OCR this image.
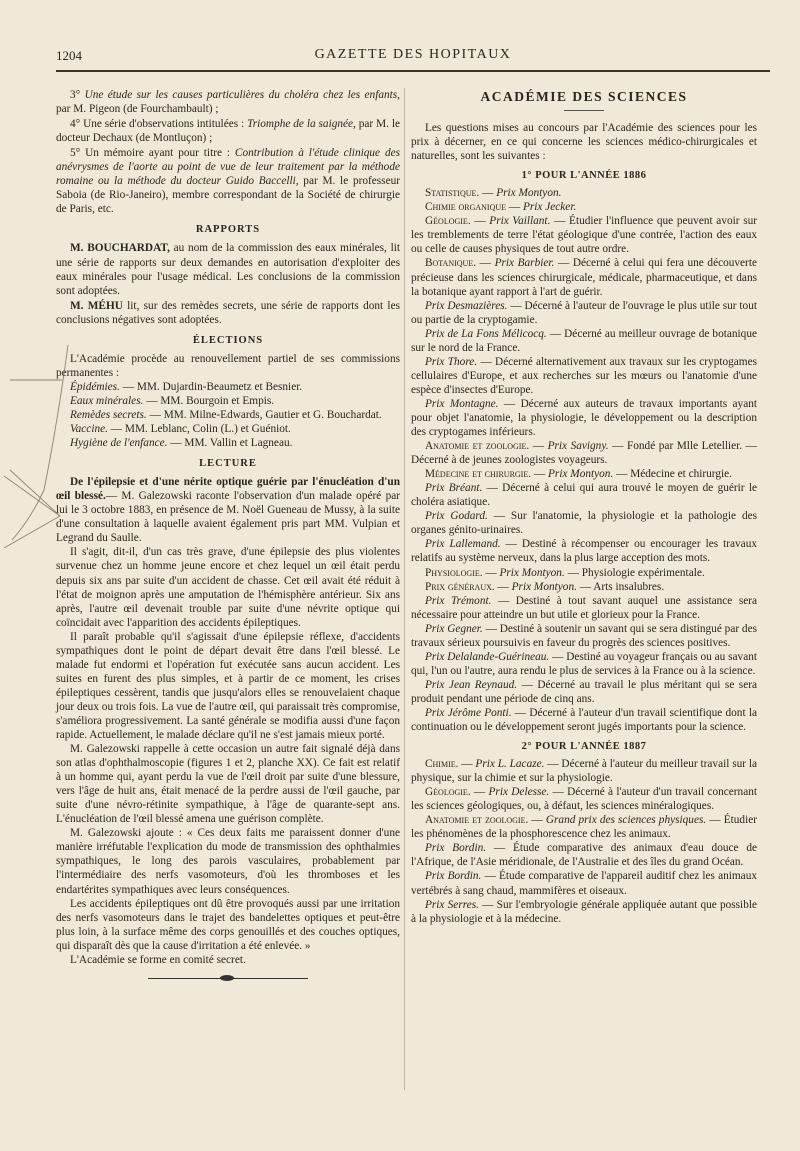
1204	GAZETTE DES HOPITAUX

3° Une étude sur les causes particulières du choléra chez les enfants, par M. Pigeon (de Fourchambault) ;

4° Une série d'observations intitulées : Triomphe de la saignée, par M. le docteur Dechaux (de Montluçon) ;

5° Un mémoire ayant pour titre : Contribution à l'étude clinique des anévrysmes de l'aorte au point de vue de leur traitement par la méthode romaine ou la méthode du docteur Guido Baccelli, par M. le professeur Saboia (de Rio-Janeiro), membre correspondant de la Société de chirurgie de Paris, etc.

RAPPORTS

M. BOUCHARDAT, au nom de la commission des eaux minérales, lit une série de rapports sur deux demandes en autorisation d'exploiter des eaux minérales pour l'usage médical. Les conclusions de la commission sont adoptées.

M. MÉHU lit, sur des remèdes secrets, une série de rapports dont les conclusions négatives sont adoptées.

ÉLECTIONS

L'Académie procède au renouvellement partiel de ses commissions permanentes :

Épidémies. — MM. Dujardin-Beaumetz et Besnier.

Eaux minérales. — MM. Bourgoin et Empis.

Remèdes secrets. — MM. Milne-Edwards, Gautier et G. Bouchardat.

Vaccine. — MM. Leblanc, Colin (L.) et Guéniot.

Hygiène de l'enfance. — MM. Vallin et Lagneau.

LECTURE

De l'épilepsie et d'une nérite optique guérie par l'énucléation d'un œil blessé.— M. Galezowski raconte l'observation d'un malade opéré par lui le 3 octobre 1883, en présence de M. Noël Gueneau de Mussy, à la suite d'une consultation à laquelle avaient également pris part MM. Vulpian et Legrand du Saulle.

Il s'agit, dit-il, d'un cas très grave, d'une épilepsie des plus violentes survenue chez un homme jeune encore et chez lequel un œil était perdu depuis six ans par suite d'un accident de chasse. Cet œil avait été réduit à l'état de moignon après une amputation de l'hémisphère antérieur. Six ans après, l'autre œil devenait trouble par suite d'une névrite optique qui coïncidait avec l'apparition des accidents épileptiques.

Il paraît probable qu'il s'agissait d'une épilepsie réflexe, d'accidents sympathiques dont le point de départ devait être dans l'œil blessé. Le malade fut endormi et l'opération fut exécutée sans aucun accident. Les suites en furent des plus simples, et à partir de ce moment, les crises épileptiques cessèrent, tandis que jusqu'alors elles se renouvelaient chaque jour deux ou trois fois. La vue de l'autre œil, qui paraissait très compromise, s'améliora progressivement. La santé générale se modifia aussi d'une façon rapide. Actuellement, le malade déclare qu'il ne s'est jamais mieux porté.

M. Galezowski rappelle à cette occasion un autre fait signalé déjà dans son atlas d'ophthalmoscopie (figures 1 et 2, planche XX). Ce fait est relatif à un homme qui, ayant perdu la vue de l'œil droit par suite d'une blessure, vers l'âge de huit ans, était menacé de la perdre aussi de l'œil gauche, par suite d'une névro-rétinite sympathique, à l'âge de quarante-sept ans. L'énucléation de l'œil blessé amena une guérison complète.

M. Galezowski ajoute : « Ces deux faits me paraissent donner d'une manière irréfutable l'explication du mode de transmission des ophthalmies sympathiques, le long des parois vasculaires, probablement par l'intermédiaire des nerfs vasomoteurs, d'où les thromboses et les endartérites sympathiques avec leurs conséquences.

Les accidents épileptiques ont dû être provoqués aussi par une irritation des nerfs vasomoteurs dans le trajet des bandelettes optiques et peut-être plus loin, à la surface même des corps genouillés et des couches optiques, qui disparaît dès que la cause d'irritation a été enlevée. »

L'Académie se forme en comité secret.

ACADÉMIE DES SCIENCES

Les questions mises au concours par l'Académie des sciences pour les prix à décerner, en ce qui concerne les sciences médico-chirurgicales et naturelles, sont les suivantes :

1° POUR L'ANNÉE 1886

Statistique. — Prix Montyon.

Chimie organique — Prix Jecker.

Géologie. — Prix Vaillant. — Étudier l'influence que peuvent avoir sur les tremblements de terre l'état géologique d'une contrée, l'action des eaux ou celle de causes physiques de tout autre ordre.

Botanique. — Prix Barbier. — Décerné à celui qui fera une découverte précieuse dans les sciences chirurgicale, médicale, pharmaceutique, et dans la botanique ayant rapport à l'art de guérir.

Prix Desmazières. — Décerné à l'auteur de l'ouvrage le plus utile sur tout ou partie de la cryptogamie.

Prix de La Fons Mélicocq. — Décerné au meilleur ouvrage de botanique sur le nord de la France.

Prix Thore. — Décerné alternativement aux travaux sur les cryptogames cellulaires d'Europe, et aux recherches sur les mœurs ou l'anatomie d'une espèce d'insectes d'Europe.

Prix Montagne. — Décerné aux auteurs de travaux importants ayant pour objet l'anatomie, la physiologie, le développement ou la description des cryptogames inférieurs.

Anatomie et zoologie. — Prix Savigny. — Fondé par Mlle Letellier. — Décerné à de jeunes zoologistes voyageurs.

Médecine et chirurgie. — Prix Montyon. — Médecine et chirurgie.

Prix Bréant. — Décerné à celui qui aura trouvé le moyen de guérir le choléra asiatique.

Prix Godard. — Sur l'anatomie, la physiologie et la pathologie des organes génito-urinaires.

Prix Lallemand. — Destiné à récompenser ou encourager les travaux relatifs au système nerveux, dans la plus large acception des mots.

Physiologie. — Prix Montyon. — Physiologie expérimentale.

Prix généraux. — Prix Montyon. — Arts insalubres.

Prix Trémont. — Destiné à tout savant auquel une assistance sera nécessaire pour atteindre un but utile et glorieux pour la France.

Prix Gegner. — Destiné à soutenir un savant qui se sera distingué par des travaux sérieux poursuivis en faveur du progrès des sciences positives.

Prix Delalande-Guérineau. — Destiné au voyageur français ou au savant qui, l'un ou l'autre, aura rendu le plus de services à la France ou à la science.

Prix Jean Reynaud. — Décerné au travail le plus méritant qui se sera produit pendant une période de cinq ans.

Prix Jérôme Ponti. — Décerné à l'auteur d'un travail scientifique dont la continuation ou le développement seront jugés importants pour la science.

2° POUR L'ANNÉE 1887

Chimie. — Prix L. Lacaze. — Décerné à l'auteur du meilleur travail sur la physique, sur la chimie et sur la physiologie.

Géologie. — Prix Delesse. — Décerné à l'auteur d'un travail concernant les sciences géologiques, ou, à défaut, les sciences minéralogiques.

Anatomie et zoologie. — Grand prix des sciences physiques. — Étudier les phénomènes de la phosphorescence chez les animaux.

Prix Bordin. — Étude comparative des animaux d'eau douce de l'Afrique, de l'Asie méridionale, de l'Australie et des îles du grand Océan.

Prix Bordin. — Étude comparative de l'appareil auditif chez les animaux vertébrés à sang chaud, mammifères et oiseaux.

Prix Serres. — Sur l'embryologie générale appliquée autant que possible à la physiologie et à la médecine.
